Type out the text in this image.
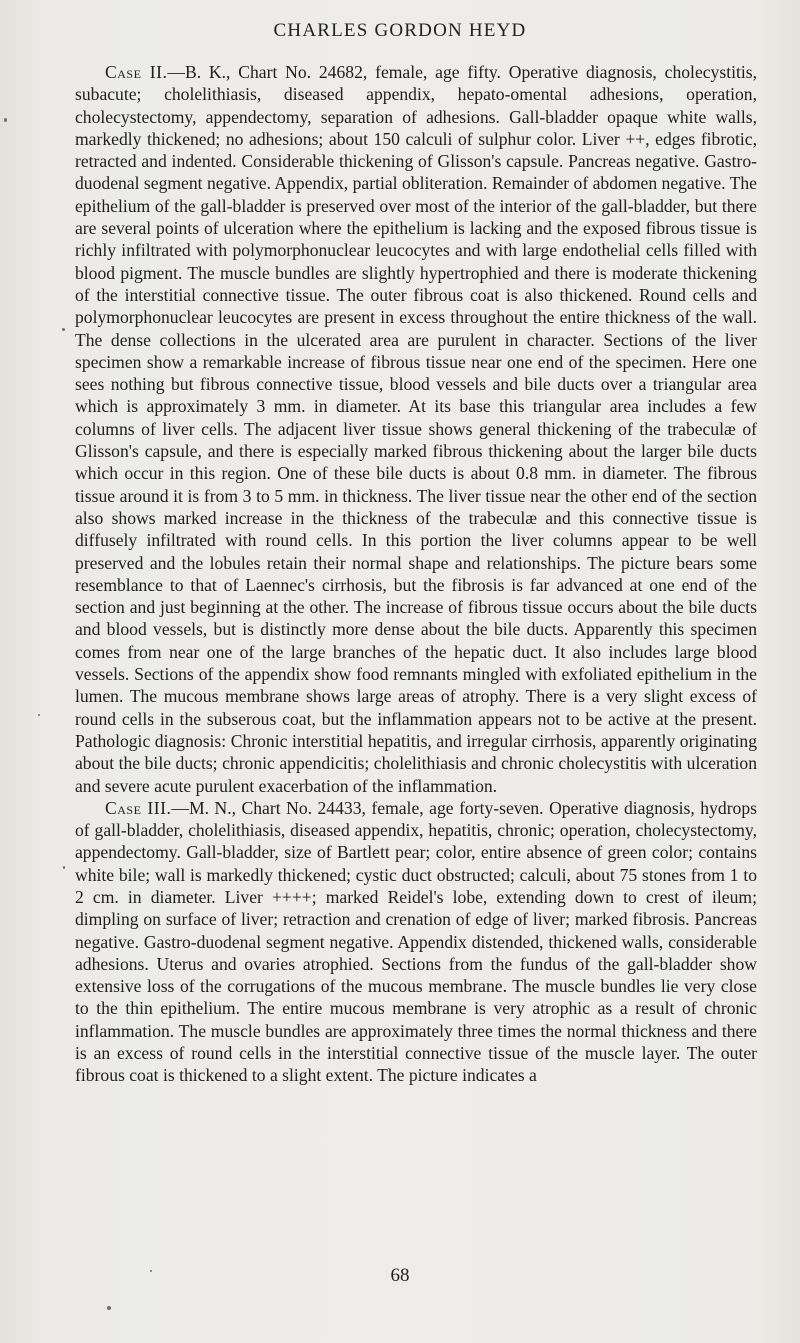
CHARLES GORDON HEYD

Case II.—B. K., Chart No. 24682, female, age fifty. Operative diagnosis, cholecystitis, subacute; cholelithiasis, diseased appendix, hepato-omental adhesions, operation, cholecystectomy, appendectomy, separation of adhesions. Gall-bladder opaque white walls, markedly thickened; no adhesions; about 150 calculi of sulphur color. Liver ++, edges fibrotic, retracted and indented. Considerable thickening of Glisson's capsule. Pancreas negative. Gastro-duodenal segment negative. Appendix, partial obliteration. Remainder of abdomen negative. The epithelium of the gall-bladder is preserved over most of the interior of the gall-bladder, but there are several points of ulceration where the epithelium is lacking and the exposed fibrous tissue is richly infiltrated with polymorphonuclear leucocytes and with large endothelial cells filled with blood pigment. The muscle bundles are slightly hypertrophied and there is moderate thickening of the interstitial connective tissue. The outer fibrous coat is also thickened. Round cells and polymorphonuclear leucocytes are present in excess throughout the entire thickness of the wall. The dense collections in the ulcerated area are purulent in character. Sections of the liver specimen show a remarkable increase of fibrous tissue near one end of the specimen. Here one sees nothing but fibrous connective tissue, blood vessels and bile ducts over a triangular area which is approximately 3 mm. in diameter. At its base this triangular area includes a few columns of liver cells. The adjacent liver tissue shows general thickening of the trabeculæ of Glisson's capsule, and there is especially marked fibrous thickening about the larger bile ducts which occur in this region. One of these bile ducts is about 0.8 mm. in diameter. The fibrous tissue around it is from 3 to 5 mm. in thickness. The liver tissue near the other end of the section also shows marked increase in the thickness of the trabeculæ and this connective tissue is diffusely infiltrated with round cells. In this portion the liver columns appear to be well preserved and the lobules retain their normal shape and relationships. The picture bears some resemblance to that of Laennec's cirrhosis, but the fibrosis is far advanced at one end of the section and just beginning at the other. The increase of fibrous tissue occurs about the bile ducts and blood vessels, but is distinctly more dense about the bile ducts. Apparently this specimen comes from near one of the large branches of the hepatic duct. It also includes large blood vessels. Sections of the appendix show food remnants mingled with exfoliated epithelium in the lumen. The mucous membrane shows large areas of atrophy. There is a very slight excess of round cells in the subserous coat, but the inflammation appears not to be active at the present. Pathologic diagnosis: Chronic interstitial hepatitis, and irregular cirrhosis, apparently originating about the bile ducts; chronic appendicitis; cholelithiasis and chronic cholecystitis with ulceration and severe acute purulent exacerbation of the inflammation.

Case III.—M. N., Chart No. 24433, female, age forty-seven. Operative diagnosis, hydrops of gall-bladder, cholelithiasis, diseased appendix, hepatitis, chronic; operation, cholecystectomy, appendectomy. Gall-bladder, size of Bartlett pear; color, entire absence of green color; contains white bile; wall is markedly thickened; cystic duct obstructed; calculi, about 75 stones from 1 to 2 cm. in diameter. Liver ++++; marked Reidel's lobe, extending down to crest of ileum; dimpling on surface of liver; retraction and crenation of edge of liver; marked fibrosis. Pancreas negative. Gastro-duodenal segment negative. Appendix distended, thickened walls, considerable adhesions. Uterus and ovaries atrophied. Sections from the fundus of the gall-bladder show extensive loss of the corrugations of the mucous membrane. The muscle bundles lie very close to the thin epithelium. The entire mucous membrane is very atrophic as a result of chronic inflammation. The muscle bundles are approximately three times the normal thickness and there is an excess of round cells in the interstitial connective tissue of the muscle layer. The outer fibrous coat is thickened to a slight extent. The picture indicates a

68
